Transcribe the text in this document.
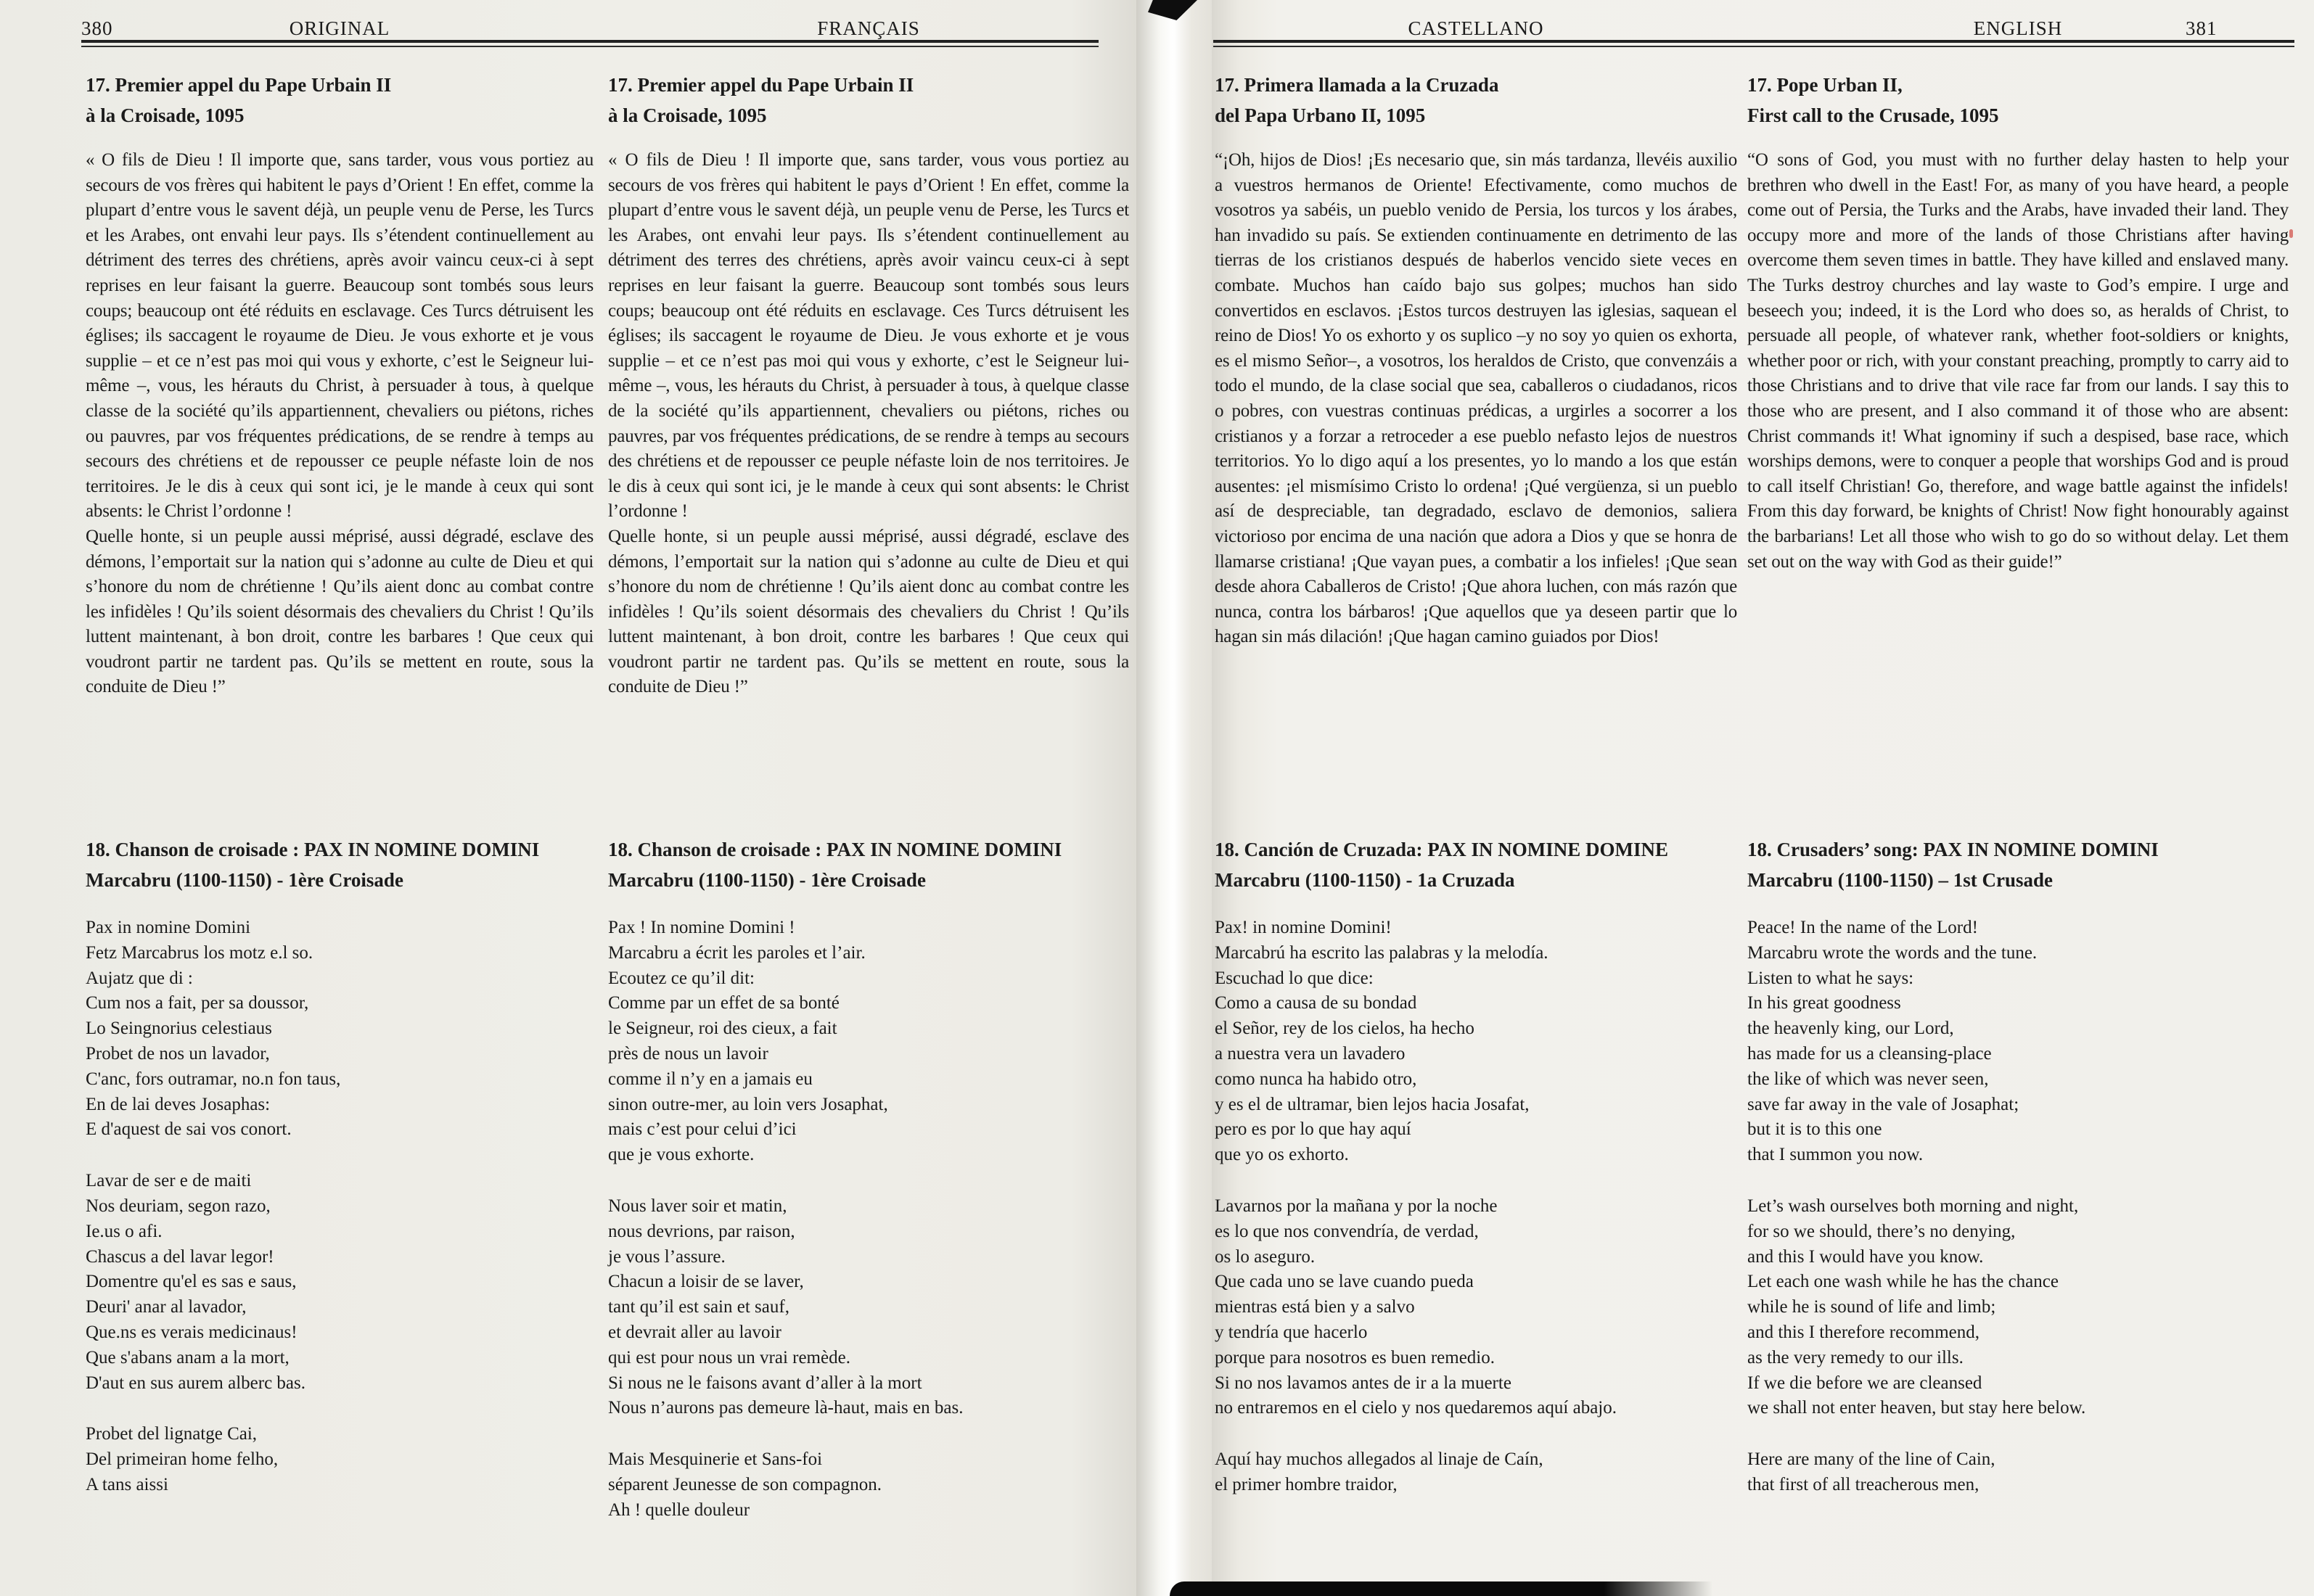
380	ORIGINAL	FRANÇAIS	CASTELLANO	ENGLISH	381
17. Premier appel du Pape Urbain II
à la Croisade, 1095
« O fils de Dieu ! Il importe que, sans tarder, vous vous portiez au secours de vos frères qui habitent le pays d’Orient ! En effet, comme la plupart d’entre vous le savent déjà, un peuple venu de Perse, les Turcs et les Arabes, ont envahi leur pays. Ils s’étendent continuellement au détriment des terres des chrétiens, après avoir vaincu ceux-ci à sept reprises en leur faisant la guerre. Beaucoup sont tombés sous leurs coups; beaucoup ont été réduits en esclavage. Ces Turcs détruisent les églises; ils saccagent le royaume de Dieu. Je vous exhorte et je vous supplie – et ce n’est pas moi qui vous y exhorte, c’est le Seigneur lui-même –, vous, les hérauts du Christ, à persuader à tous, à quelque classe de la société qu’ils appartiennent, chevaliers ou piétons, riches ou pauvres, par vos fréquentes prédications, de se rendre à temps au secours des chrétiens et de repousser ce peuple néfaste loin de nos territoires. Je le dis à ceux qui sont ici, je le mande à ceux qui sont absents: le Christ l’ordonne !
Quelle honte, si un peuple aussi méprisé, aussi dégradé, esclave des démons, l’emportait sur la nation qui s’adonne au culte de Dieu et qui s’honore du nom de chrétienne ! Qu’ils aient donc au combat contre les infidèles ! Qu’ils soient désormais des chevaliers du Christ ! Qu’ils luttent maintenant, à bon droit, contre les barbares ! Que ceux qui voudront partir ne tardent pas. Qu’ils se mettent en route, sous la conduite de Dieu !”
18. Chanson de croisade : PAX IN NOMINE DOMINI
Marcabru (1100-1150) - 1ère Croisade
Pax in nomine Domini
Fetz Marcabrus los motz e.l so.
Aujatz que di :
Cum nos a fait, per sa doussor,
Lo Seingnorius celestiaus
Probet de nos un lavador,
C'anc, fors outramar, no.n fon taus,
En de lai deves Josaphas:
E d'aquest de sai vos conort.
Lavar de ser e de maiti
Nos deuriam, segon razo,
Ie.us o afi.
Chascus a del lavar legor!
Domentre qu'el es sas e saus,
Deuri' anar al lavador,
Que.ns es verais medicinaus!
Que s'abans anam a la mort,
D'aut en sus aurem alberc bas.
Probet del lignatge Cai,
Del primeiran home felho,
A tans aissi
17. Premier appel du Pape Urbain II
à la Croisade, 1095
« O fils de Dieu ! Il importe que, sans tarder, vous vous portiez au secours de vos frères qui habitent le pays d’Orient ! En effet, comme la plupart d’entre vous le savent déjà, un peuple venu de Perse, les Turcs et les Arabes, ont envahi leur pays. Ils s’étendent continuellement au détriment des terres des chrétiens, après avoir vaincu ceux-ci à sept reprises en leur faisant la guerre. Beaucoup sont tombés sous leurs coups; beaucoup ont été réduits en esclavage. Ces Turcs détruisent les églises; ils saccagent le royaume de Dieu. Je vous exhorte et je vous supplie – et ce n’est pas moi qui vous y exhorte, c’est le Seigneur lui-même –, vous, les hérauts du Christ, à persuader à tous, à quelque classe de la société qu’ils appartiennent, chevaliers ou piétons, riches ou pauvres, par vos fréquentes prédications, de se rendre à temps au secours des chrétiens et de repousser ce peuple néfaste loin de nos territoires. Je le dis à ceux qui sont ici, je le mande à ceux qui sont absents: le Christ l’ordonne !
Quelle honte, si un peuple aussi méprisé, aussi dégradé, esclave des démons, l’emportait sur la nation qui s’adonne au culte de Dieu et qui s’honore du nom de chrétienne ! Qu’ils aient donc au combat contre les infidèles ! Qu’ils soient désormais des chevaliers du Christ ! Qu’ils luttent maintenant, à bon droit, contre les barbares ! Que ceux qui voudront partir ne tardent pas. Qu’ils se mettent en route, sous la conduite de Dieu !”
18. Chanson de croisade : PAX IN NOMINE DOMINI
Marcabru (1100-1150) - 1ère Croisade
Pax ! In nomine Domini !
Marcabru a écrit les paroles et l’air.
Ecoutez ce qu’il dit:
Comme par un effet de sa bonté
le Seigneur, roi des cieux, a fait
près de nous un lavoir
comme il n’y en a jamais eu
sinon outre-mer, au loin vers Josaphat,
mais c’est pour celui d’ici
que je vous exhorte.
Nous laver soir et matin,
nous devrions, par raison,
je vous l’assure.
Chacun a loisir de se laver,
tant qu’il est sain et sauf,
et devrait aller au lavoir
qui est pour nous un vrai remède.
Si nous ne le faisons avant d’aller à la mort
Nous n’aurons pas demeure là-haut, mais en bas.
Mais Mesquinerie et Sans-foi
séparent Jeunesse de son compagnon.
Ah ! quelle douleur
17. Primera llamada a la Cruzada
del Papa Urbano II, 1095
“¡Oh, hijos de Dios! ¡Es necesario que, sin más tardanza, llevéis auxilio a vuestros hermanos de Oriente! Efectivamente, como muchos de vosotros ya sabéis, un pueblo venido de Persia, los turcos y los árabes, han invadido su país. Se extienden continuamente en detrimento de las tierras de los cristianos después de haberlos vencido siete veces en combate. Muchos han caído bajo sus golpes; muchos han sido convertidos en esclavos. ¡Estos turcos destruyen las iglesias, saquean el reino de Dios! Yo os exhorto y os suplico –y no soy yo quien os exhorta, es el mismo Señor–, a vosotros, los heraldos de Cristo, que convenzáis a todo el mundo, de la clase social que sea, caballeros o ciudadanos, ricos o pobres, con vuestras continuas prédicas, a urgirles a socorrer a los cristianos y a forzar a retroceder a ese pueblo nefasto lejos de nuestros territorios. Yo lo digo aquí a los presentes, yo lo mando a los que están ausentes: ¡el mismísimo Cristo lo ordena! ¡Qué vergüenza, si un pueblo así de despreciable, tan degradado, esclavo de demonios, saliera victorioso por encima de una nación que adora a Dios y que se honra de llamarse cristiana! ¡Que vayan pues, a combatir a los infieles! ¡Que sean desde ahora Caballeros de Cristo! ¡Que ahora luchen, con más razón que nunca, contra los bárbaros! ¡Que aquellos que ya deseen partir que lo hagan sin más dilación! ¡Que hagan camino guiados por Dios!
18. Canción de Cruzada: PAX IN NOMINE DOMINE
Marcabru (1100-1150) - 1a Cruzada
Pax! in nomine Domini!
Marcabrú ha escrito las palabras y la melodía.
Escuchad lo que dice:
Como a causa de su bondad
el Señor, rey de los cielos, ha hecho
a nuestra vera un lavadero
como nunca ha habido otro,
y es el de ultramar, bien lejos hacia Josafat,
pero es por lo que hay aquí
que yo os exhorto.
Lavarnos por la mañana y por la noche
es lo que nos convendría, de verdad,
os lo aseguro.
Que cada uno se lave cuando pueda
mientras está bien y a salvo
y tendría que hacerlo
porque para nosotros es buen remedio.
Si no nos lavamos antes de ir a la muerte
no entraremos en el cielo y nos quedaremos aquí abajo.
Aquí hay muchos allegados al linaje de Caín,
el primer hombre traidor,
17. Pope Urban II,
First call to the Crusade, 1095
“O sons of God, you must with no further delay hasten to help your brethren who dwell in the East! For, as many of you have heard, a people come out of Persia, the Turks and the Arabs, have invaded their land. They occupy more and more of the lands of those Christians after having overcome them seven times in battle. They have killed and enslaved many. The Turks destroy churches and lay waste to God’s empire. I urge and beseech you; indeed, it is the Lord who does so, as heralds of Christ, to persuade all people, of whatever rank, whether foot-soldiers or knights, whether poor or rich, with your constant preaching, promptly to carry aid to those Christians and to drive that vile race far from our lands. I say this to those who are present, and I also command it of those who are absent: Christ commands it! What ignominy if such a despised, base race, which worships demons, were to conquer a people that worships God and is proud to call itself Christian! Go, therefore, and wage battle against the infidels! From this day forward, be knights of Christ! Now fight honourably against the barbarians! Let all those who wish to go do so without delay. Let them set out on the way with God as their guide!”
18. Crusaders’ song: PAX IN NOMINE DOMINI
Marcabru (1100-1150) – 1st Crusade
Peace! In the name of the Lord!
Marcabru wrote the words and the tune.
Listen to what he says:
In his great goodness
the heavenly king, our Lord,
has made for us a cleansing-place
the like of which was never seen,
save far away in the vale of Josaphat;
but it is to this one
that I summon you now.
Let’s wash ourselves both morning and night,
for so we should, there’s no denying,
and this I would have you know.
Let each one wash while he has the chance
while he is sound of life and limb;
and this I therefore recommend,
as the very remedy to our ills.
If we die before we are cleansed
we shall not enter heaven, but stay here below.
Here are many of the line of Cain,
that first of all treacherous men,
